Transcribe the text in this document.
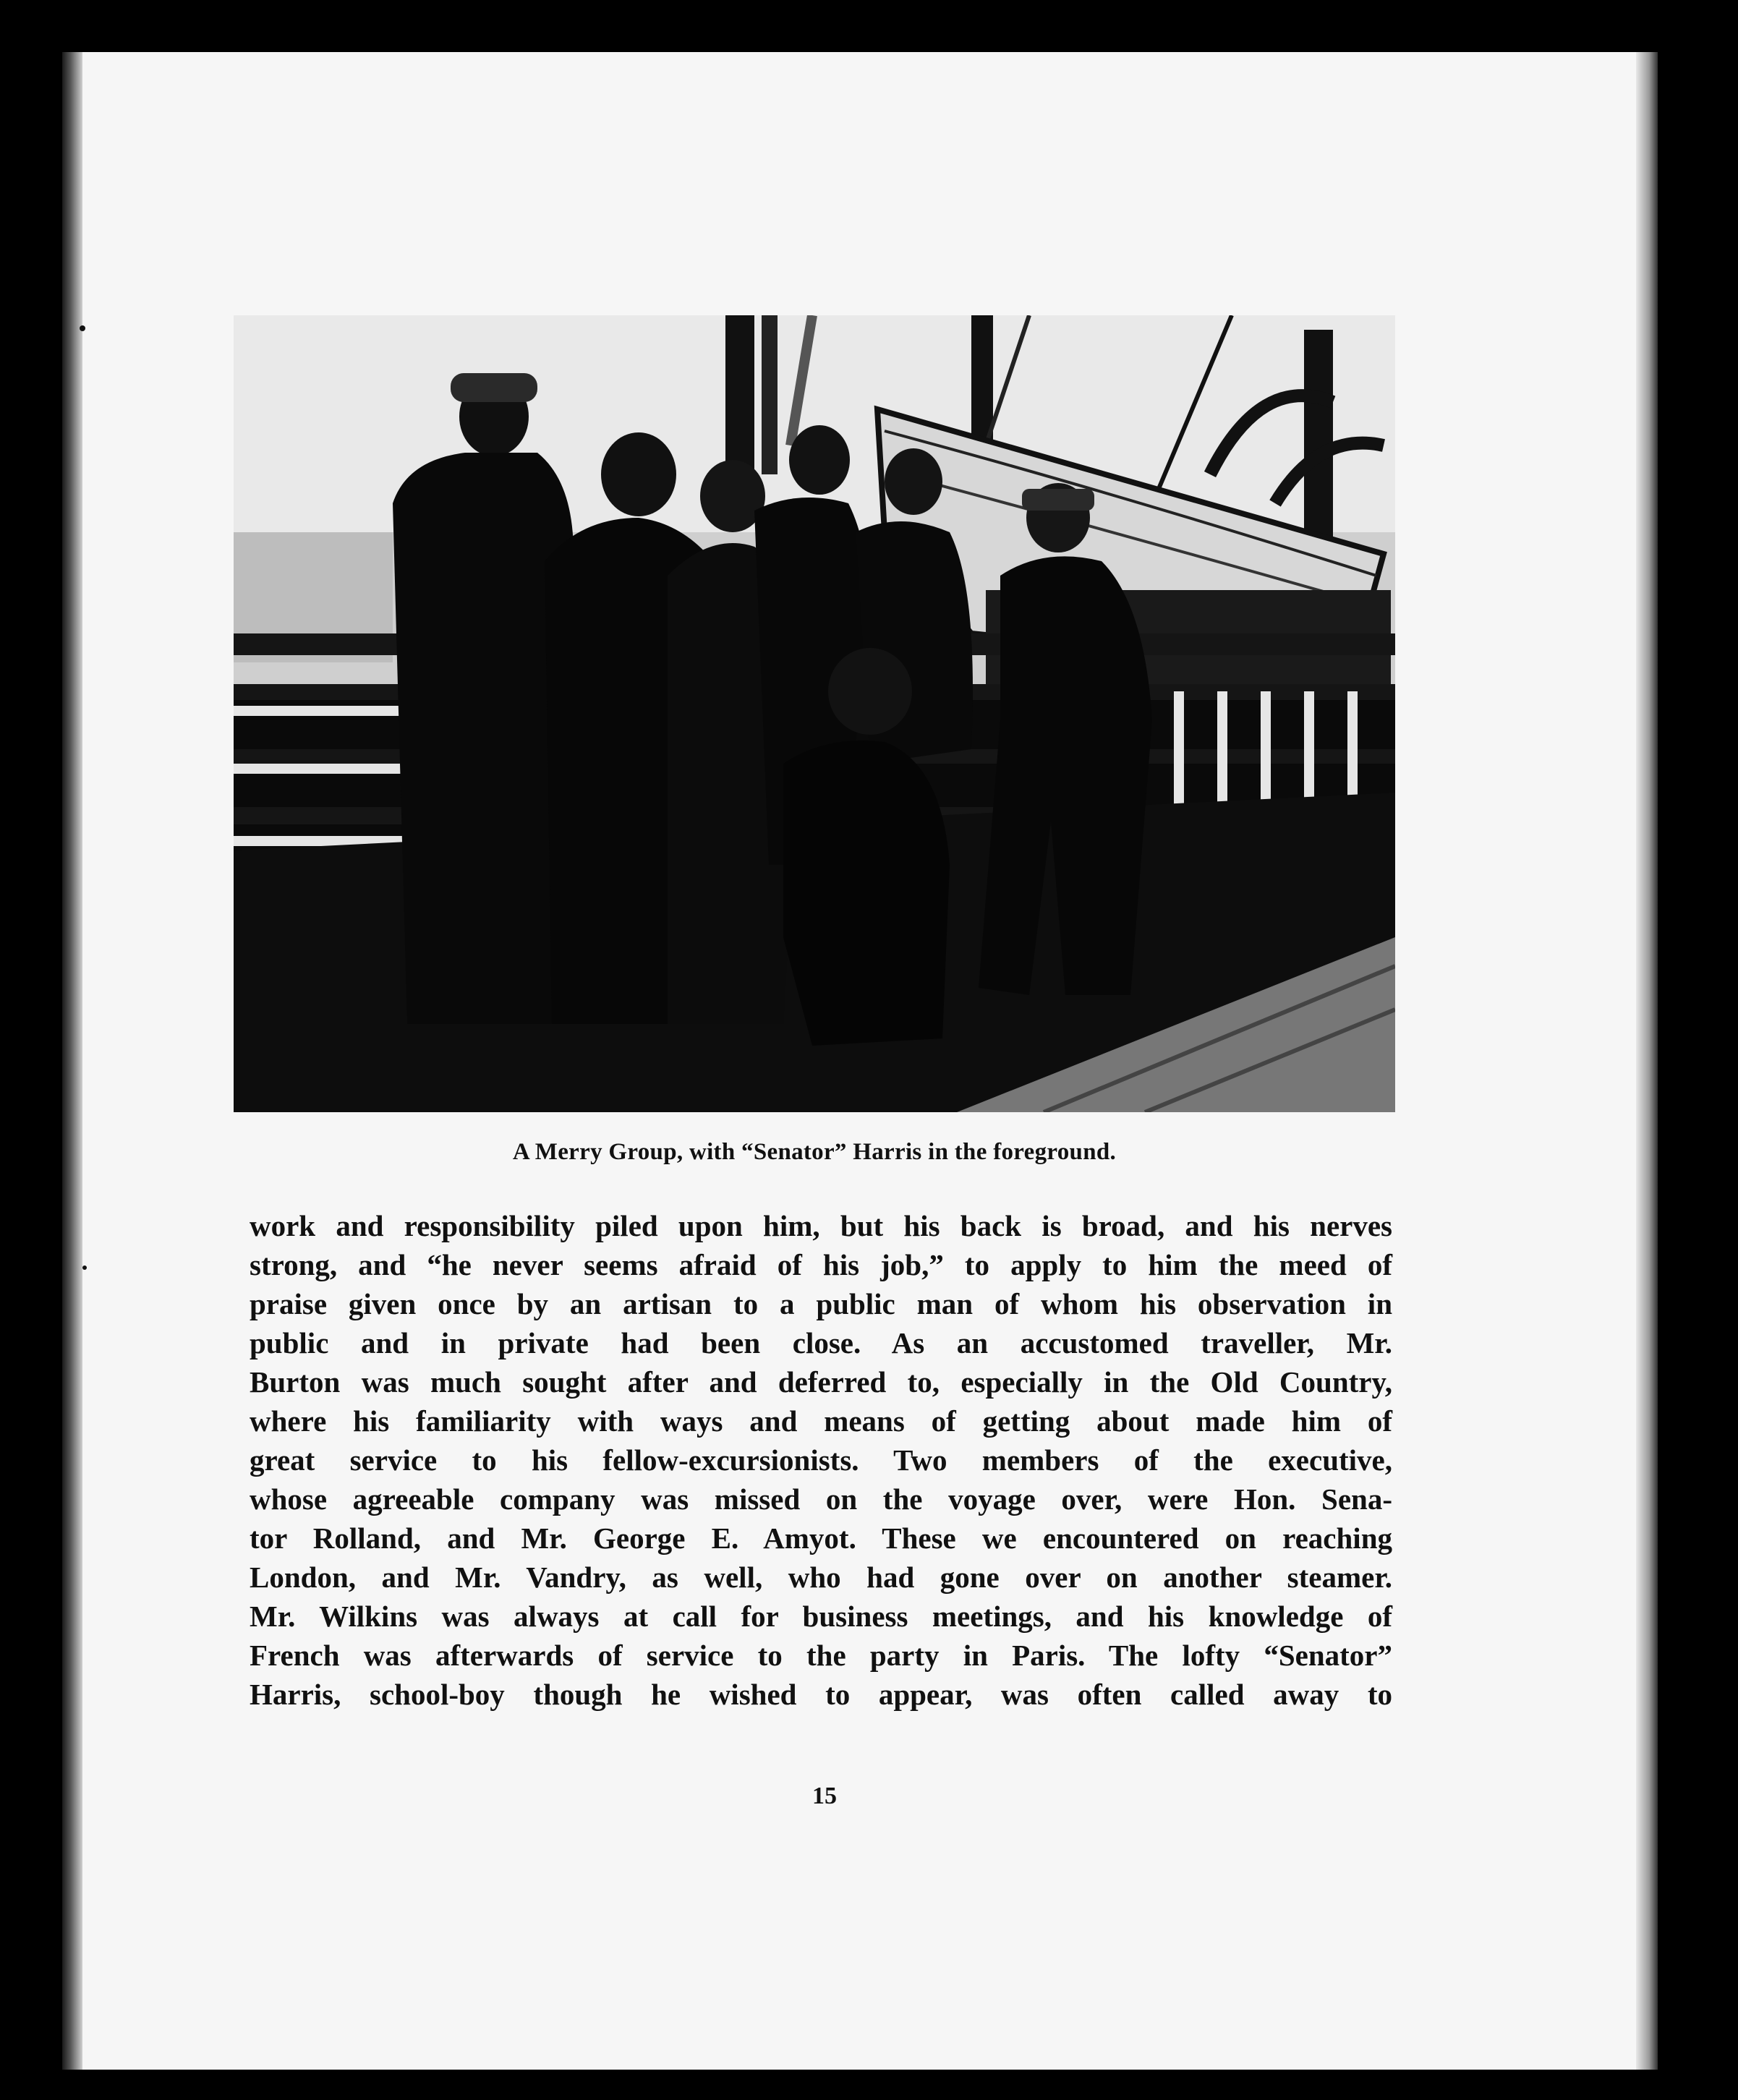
A Merry Group, with “Senator” Harris in the foreground.
work and responsibility piled upon him, but his back is broad, and his nerves
strong, and “he never seems afraid of his job,” to apply to him the meed of
praise given once by an artisan to a public man of whom his observation in
public and in private had been close. As an accustomed traveller, Mr.
Burton was much sought after and deferred to, especially in the Old Country,
where his familiarity with ways and means of getting about made him of
great service to his fellow-excursionists. Two members of the executive,
whose agreeable company was missed on the voyage over, were Hon. Sena-
tor Rolland, and Mr. George E. Amyot. These we encountered on reaching
London, and Mr. Vandry, as well, who had gone over on another steamer.
Mr. Wilkins was always at call for business meetings, and his knowledge of
French was afterwards of service to the party in Paris. The lofty “Senator”
Harris, school-boy though he wished to appear, was often called away to
15
